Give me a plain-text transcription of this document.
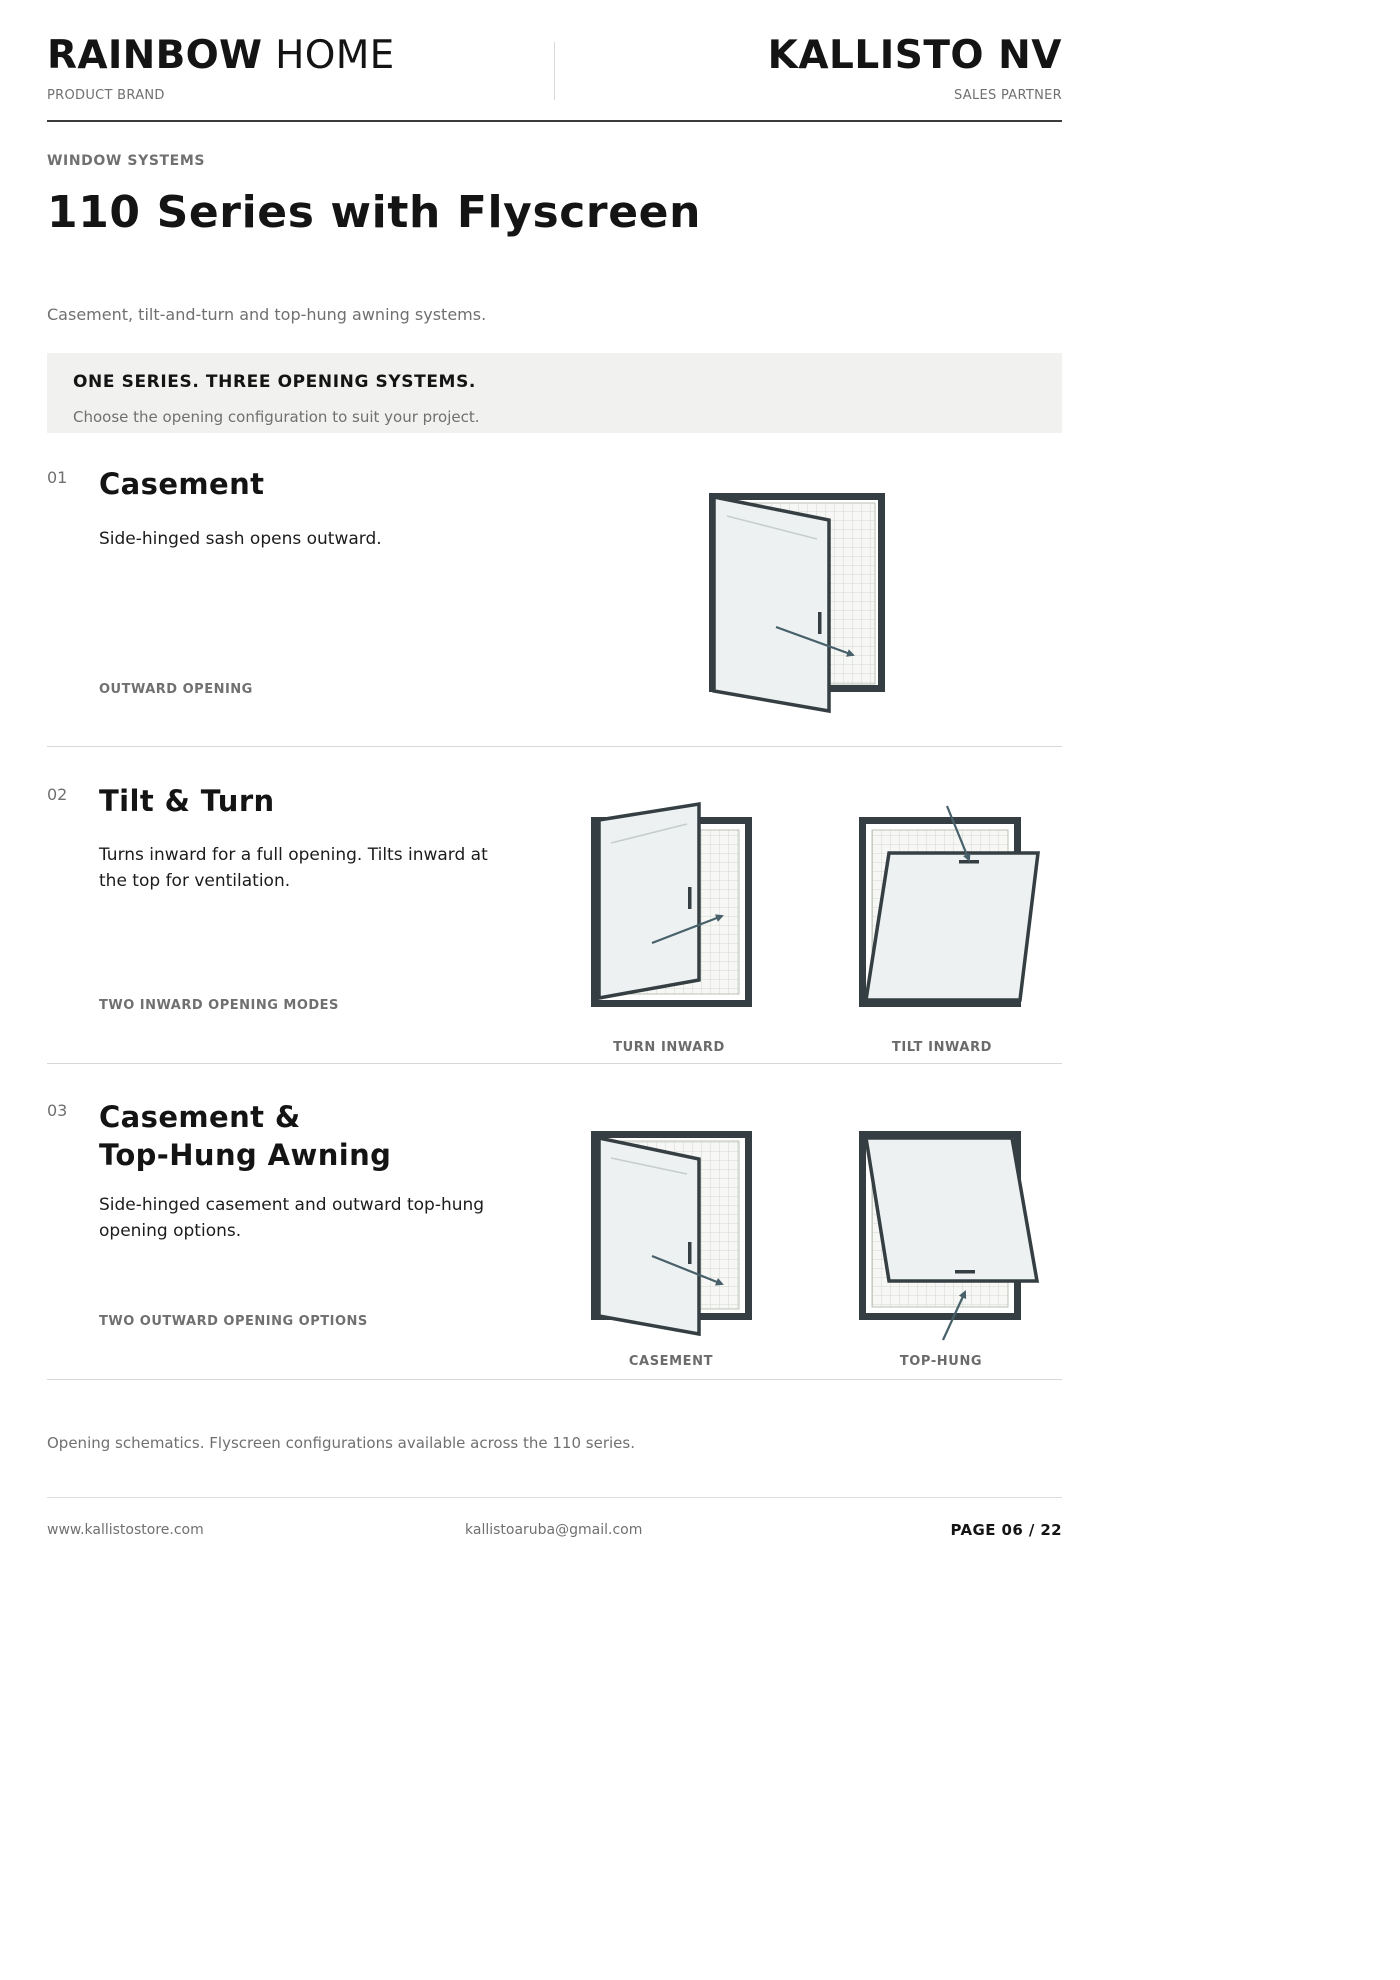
RAINBOW HOME
PRODUCT BRAND
KALLISTO NV
SALES PARTNER
WINDOW SYSTEMS
110 Series with Flyscreen
Casement, tilt-and-turn and top-hung awning systems.
ONE SERIES. THREE OPENING SYSTEMS.
Choose the opening configuration to suit your project.
01 Casement
Side-hinged sash opens outward.
OUTWARD OPENING
02 Tilt & Turn
Turns inward for a full opening. Tilts inward at the top for ventilation.
TWO INWARD OPENING MODES
TURN INWARD	TILT INWARD
03 Casement &
Top-Hung Awning
Side-hinged casement and outward top-hung opening options.
TWO OUTWARD OPENING OPTIONS
CASEMENT	TOP-HUNG
Opening schematics. Flyscreen configurations available across the 110 series.
www.kallistostore.com	kallistoaruba@gmail.com	PAGE 06 / 22
